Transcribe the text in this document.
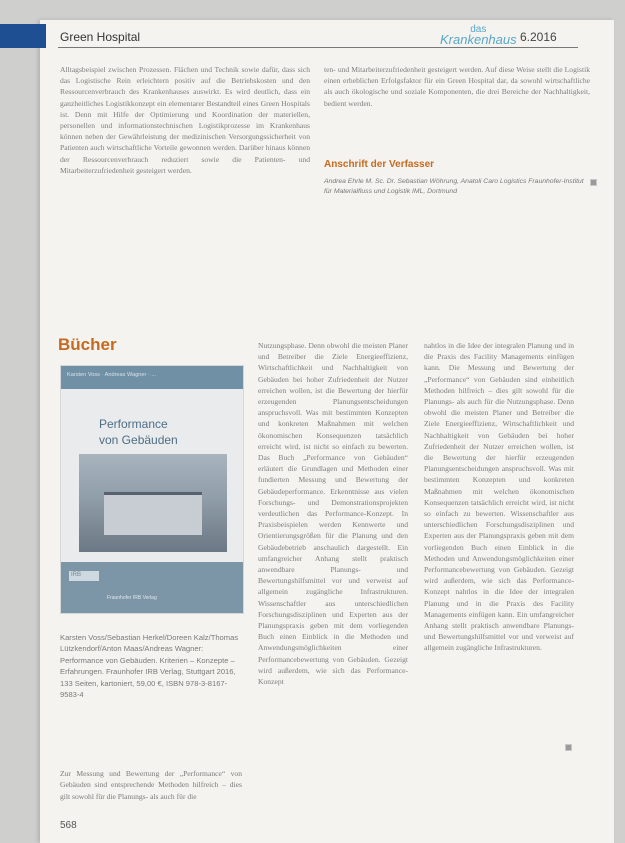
Green Hospital
das
Krankenhaus 6.2016

Alltagsbeispiel zwischen Prozessen. Flächen und Technik sowie dafür, dass sich das Logistische Rein erleichtern positiv auf die Betriebskosten und den Ressourcenverbrauch des Krankenhauses auswirkt. Es wird deutlich, dass ein ganzheitliches Logistikkonzept ein elementarer Bestandteil eines Green Hospitals ist. Denn mit Hilfe der Optimierung und Koordination der materiellen, personellen und informationstechnischen Logistikprozesse im Krankenhaus können neben der Gewährleistung der medizinischen Versorgungssicherheit von Patienten auch wirtschaftliche Vorteile gewonnen werden. Darüber hinaus können der Ressourcenverbrauch reduziert sowie die Patienten- und Mitarbeiterzufriedenheit gesteigert werden.

ten- und Mitarbeiterzufriedenheit gesteigert werden. Auf diese Weise stellt die Logistik einen erheblichen Erfolgsfaktor für ein Green Hospital dar, da sowohl wirtschaftliche als auch ökologische und soziale Komponenten, die drei Bereiche der Nachhaltigkeit, bedient werden.

Anschrift der Verfasser
Andrea Ehrle M. Sc. Dr. Sebastian Wöhrung, Anatoli Caro Logistics Fraunhofer-Institut für Materialfluss und Logistik IML, Dortmund
Bücher
Karsten Voss · Andreas Wagner · ...
Performance
von Gebäuden
IRB
Fraunhofer IRB Verlag
Karsten Voss/Sebastian Herkel/Doreen Kalz/Thomas Lützkendorf/Anton Maas/Andreas Wagner: Performance von Gebäuden. Kriterien – Konzepte – Erfahrungen. Fraunhofer IRB Verlag, Stuttgart 2016, 133 Seiten, kartoniert, 59,00 €, ISBN 978-3-8167-9583-4
Zur Messung und Bewertung der „Performance“ von Gebäuden sind entsprechende Methoden hilfreich – dies gilt sowohl für die Planungs- als auch für die

Nutzungsphase. Denn obwohl die meisten Planer und Betreiber die Ziele Energieeffizienz, Wirtschaftlichkeit und Nachhaltigkeit von Gebäuden bei hoher Zufriedenheit der Nutzer erreichen wollen, ist die Bewertung der hierfür erzeugenden Planungsentscheidungen anspruchsvoll. Was mit bestimmten Konzepten und konkreten Maßnahmen mit welchen ökonomischen Konsequenzen tatsächlich erreicht wird, ist nicht so einfach zu bewerten. Das Buch „Performance von Gebäuden“ erläutert die Grundlagen und Methoden einer fundierten Messung und Bewertung der Gebäudeperformance. Erkenntnisse aus vielen Forschungs- und Demonstrationsprojekten verdeutlichen das Performance-Konzept. In Praxisbeispielen werden Kennwerte und Orientierungsgrößen für die Planung und den Gebäudebetrieb anschaulich dargestellt. Ein umfangreicher Anhang stellt praktisch anwendbare Planungs- und Bewertungshilfsmittel vor und verweist auf allgemein zugängliche Infrastrukturen. Wissenschaftler aus unterschiedlichen Forschungsdisziplinen und Experten aus der Planungspraxis geben mit dem vorliegenden Buch einen Einblick in die Methoden und Anwendungsmöglichkeiten einer Performancebewertung von Gebäuden. Gezeigt wird außerdem, wie sich das Performance-Konzept

nahtlos in die Idee der integralen Planung und in die Praxis des Facility Managements einfügen kann. Die Messung und Bewertung der „Performance“ von Gebäuden sind einheitlich Methoden hilfreich – dies gilt sowohl für die Planungs- als auch für die Nutzungsphase. Denn obwohl die meisten Planer und Betreiber die Ziele Energieeffizienz, Wirtschaftlichkeit und Nachhaltigkeit von Gebäuden bei hoher Zufriedenheit der Nutzer erreichen wollen, ist die Bewertung der hierfür erzeugenden Planungsentscheidungen anspruchsvoll. Was mit bestimmten Konzepten und konkreten Maßnahmen mit welchen ökonomischen Konsequenzen tatsächlich erreicht wird, ist nicht so einfach zu bewerten. Wissenschaftler aus unterschiedlichen Forschungsdisziplinen und Experten aus der Planungspraxis geben mit dem vorliegenden Buch einen Einblick in die Methoden und Anwendungsmöglichkeiten einer Performancebewertung von Gebäuden. Gezeigt wird außerdem, wie sich das Performance-Konzept nahtlos in die Idee der integralen Planung und in die Praxis des Facility Managements einfügen kann. Ein umfangreicher Anhang stellt praktisch anwendbare Planungs- und Bewertungshilfsmittel vor und verweist auf allgemein zugängliche Infrastrukturen.

568
